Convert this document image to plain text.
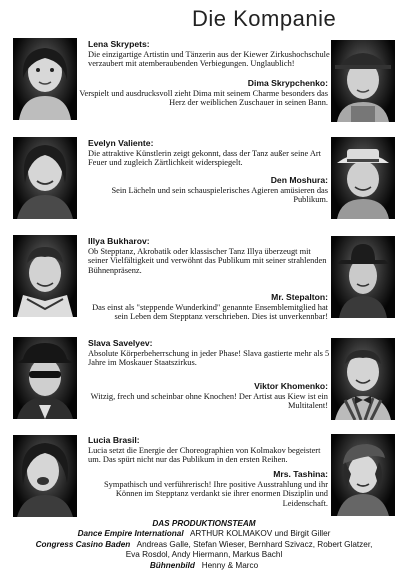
Die Kompanie
Lena Skrypets:
Die einzigartige Artistin und Tänzerin aus der Kiewer Zirkushochschule verzaubert mit atemberaubenden Verbiegungen. Unglaublich!
Dima Skrypchenko:
Verspielt und ausdrucksvoll zieht Dima mit seinem Charme besonders das Herz der weiblichen Zuschauer in seinen Bann.
Evelyn Valiente:
Die attraktive Künstlerin zeigt gekonnt, dass der Tanz außer seine Art Feuer und zugleich Zärtlichkeit widerspiegelt.
Den Moshura:
Sein Lächeln und sein schauspielerisches Agieren amüsieren das Publikum.
Illya Bukharov:
Ob Stepptanz, Akrobatik oder klassischer Tanz Illya überzeugt mit seiner Vielfältigkeit und verwöhnt das Publikum mit seiner strahlenden Bühnenpräsenz.
Mr. Stepalton:
Das einst als "steppende Wunderkind" genannte Ensemblemitglied hat sein Leben dem Stepptanz verschrieben. Dies ist unverkennbar!
Slava Savelyev:
Absolute Körperbeherrschung in jeder Phase! Slava gastierte mehr als 5 Jahre im Moskauer Staatszirkus.
Viktor Khomenko:
Witzig, frech und scheinbar ohne Knochen! Der Artist aus Kiew ist ein Multitalent!
Lucia Brasil:
Lucia setzt die Energie der Choreographien von Kolmakov begeistert um. Das spürt nicht nur das Publikum in den ersten Reihen.
Mrs. Tashina:
Sympathisch und verführerisch! Ihre positive Ausstrahlung und ihr Können im Stepptanz verdankt sie ihrer enormen Disziplin und Leidenschaft.
DAS PRODUKTIONSTEAM
Dance Empire International ARTHUR KOLMAKOV und Birgit Giller
Congress Casino Baden Andreas Galle, Stefan Wieser, Bernhard Szivacz, Robert Glatzer,
Eva Rosdol, Andy Hiermann, Markus Bachl
Bühnenbild Henny & Marco
